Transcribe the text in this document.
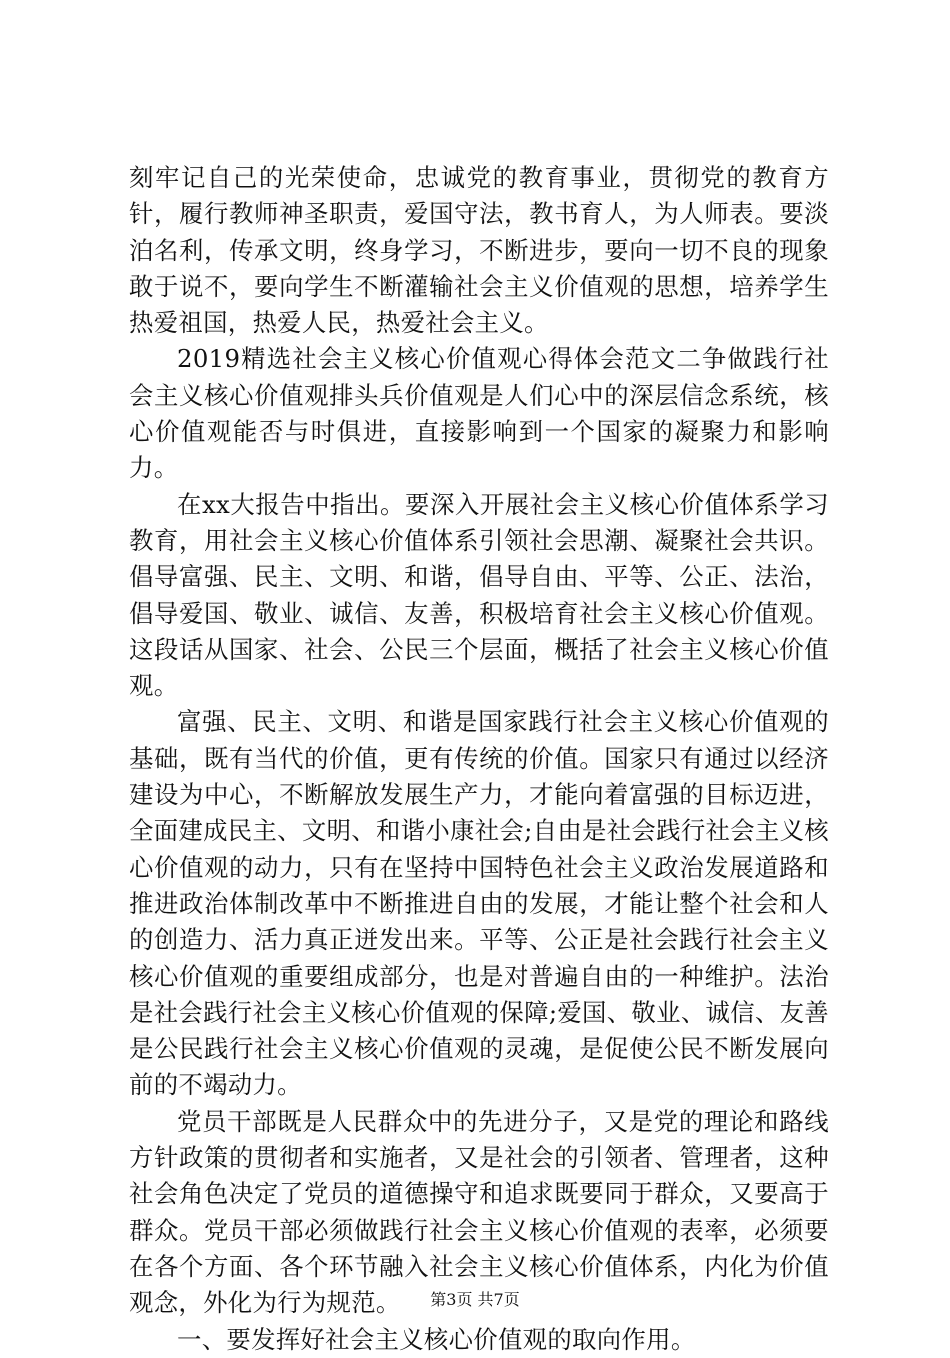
刻牢记自己的光荣使命，忠诚党的教育事业，贯彻党的教育方针，履行教师神圣职责，爱国守法，教书育人，为人师表。要淡泊名利，传承文明，终身学习，不断进步，要向一切不良的现象敢于说不，要向学生不断灌输社会主义价值观的思想，培养学生热爱祖国，热爱人民，热爱社会主义。

2019精选社会主义核心价值观心得体会范文二争做践行社会主义核心价值观排头兵价值观是人们心中的深层信念系统，核心价值观能否与时俱进，直接影响到一个国家的凝聚力和影响力。

在xx大报告中指出。要深入开展社会主义核心价值体系学习教育，用社会主义核心价值体系引领社会思潮、凝聚社会共识。倡导富强、民主、文明、和谐，倡导自由、平等、公正、法治，倡导爱国、敬业、诚信、友善，积极培育社会主义核心价值观。这段话从国家、社会、公民三个层面，概括了社会主义核心价值观。

富强、民主、文明、和谐是国家践行社会主义核心价值观的基础，既有当代的价值，更有传统的价值。国家只有通过以经济建设为中心，不断解放发展生产力，才能向着富强的目标迈进，全面建成民主、文明、和谐小康社会;自由是社会践行社会主义核心价值观的动力，只有在坚持中国特色社会主义政治发展道路和推进政治体制改革中不断推进自由的发展，才能让整个社会和人的创造力、活力真正迸发出来。平等、公正是社会践行社会主义核心价值观的重要组成部分，也是对普遍自由的一种维护。法治是社会践行社会主义核心价值观的保障;爱国、敬业、诚信、友善是公民践行社会主义核心价值观的灵魂，是促使公民不断发展向前的不竭动力。

党员干部既是人民群众中的先进分子，又是党的理论和路线方针政策的贯彻者和实施者，又是社会的引领者、管理者，这种社会角色决定了党员的道德操守和追求既要同于群众，又要高于群众。党员干部必须做践行社会主义核心价值观的表率，必须要在各个方面、各个环节融入社会主义核心价值体系，内化为价值观念，外化为行为规范。

一、要发挥好社会主义核心价值观的取向作用。

第3页 共7页
